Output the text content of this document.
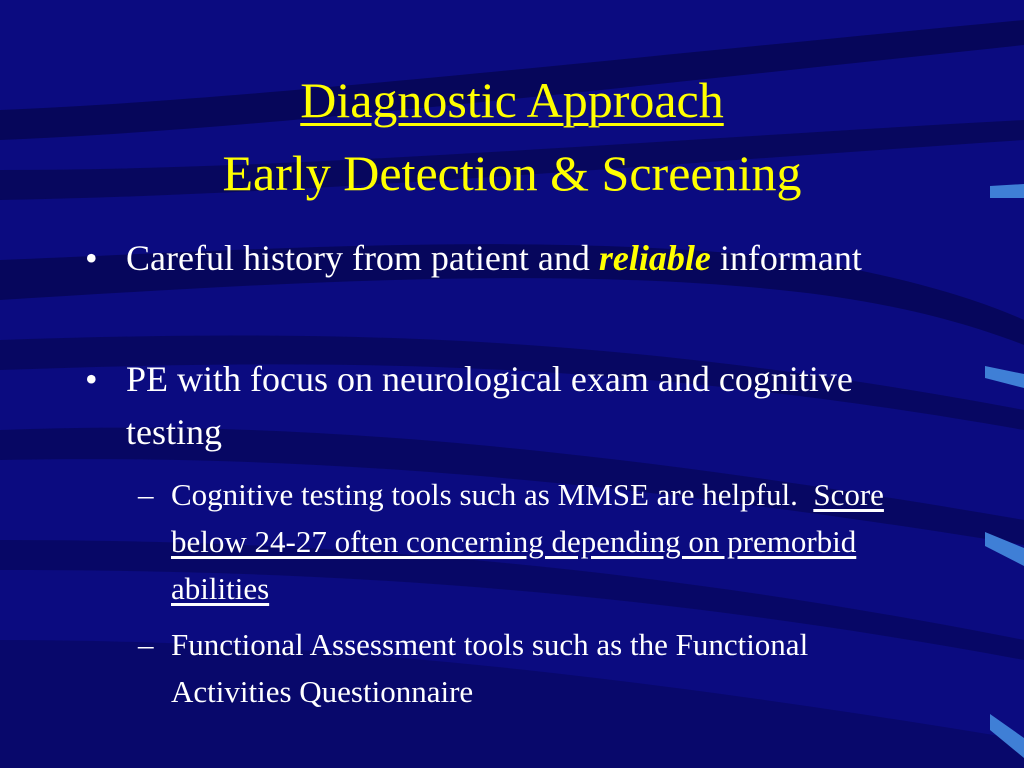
Diagnostic Approach
Early Detection & Screening
• Careful history from patient and reliable informant
• PE with focus on neurological exam and cognitive testing
– Cognitive testing tools such as MMSE are helpful.  Score below 24-27 often concerning depending on premorbid abilities
– Functional Assessment tools such as the Functional Activities Questionnaire
